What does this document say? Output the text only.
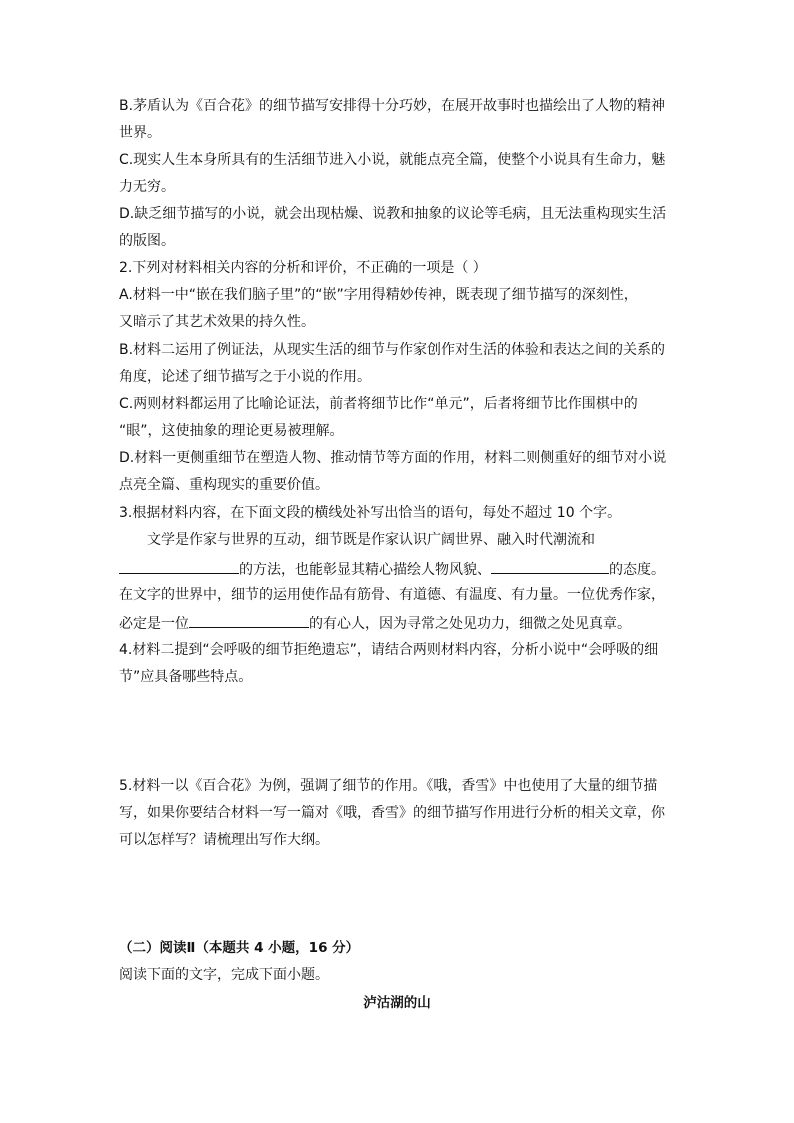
B.茅盾认为《百合花》的细节描写安排得十分巧妙，在展开故事时也描绘出了人物的精神
世界。
C.现实人生本身所具有的生活细节进入小说，就能点亮全篇，使整个小说具有生命力，魅
力无穷。
D.缺乏细节描写的小说，就会出现枯燥、说教和抽象的议论等毛病，且无法重构现实生活
的版图。
2.下列对材料相关内容的分析和评价，不正确的一项是（ ）
A.材料一中“嵌在我们脑子里”的“嵌”字用得精妙传神，既表现了细节描写的深刻性，
又暗示了其艺术效果的持久性。
B.材料二运用了例证法，从现实生活的细节与作家创作对生活的体验和表达之间的关系的
角度，论述了细节描写之于小说的作用。
C.两则材料都运用了比喻论证法，前者将细节比作“单元”，后者将细节比作围棋中的
“眼”，这使抽象的理论更易被理解。
D.材料一更侧重细节在塑造人物、推动情节等方面的作用，材料二则侧重好的细节对小说
点亮全篇、重构现实的重要价值。
3.根据材料内容，在下面文段的横线处补写出恰当的语句，每处不超过 10 个字。
文学是作家与世界的互动，细节既是作家认识广阔世界、融入时代潮流和
的方法，也能彰显其精心描绘人物风貌、	的态度。
在文字的世界中，细节的运用使作品有筋骨、有道德、有温度、有力量。一位优秀作家，
必定是一位	的有心人，因为寻常之处见功力，细微之处见真章。
4.材料二提到“会呼吸的细节拒绝遗忘”，请结合两则材料内容，分析小说中“会呼吸的细
节”应具备哪些特点。
5.材料一以《百合花》为例，强调了细节的作用。《哦，香雪》中也使用了大量的细节描
写，如果你要结合材料一写一篇对《哦，香雪》的细节描写作用进行分析的相关文章，你
可以怎样写？请梳理出写作大纲。
（二）阅读Ⅱ（本题共 4 小题，16 分）
阅读下面的文字，完成下面小题。
泸沽湖的山
